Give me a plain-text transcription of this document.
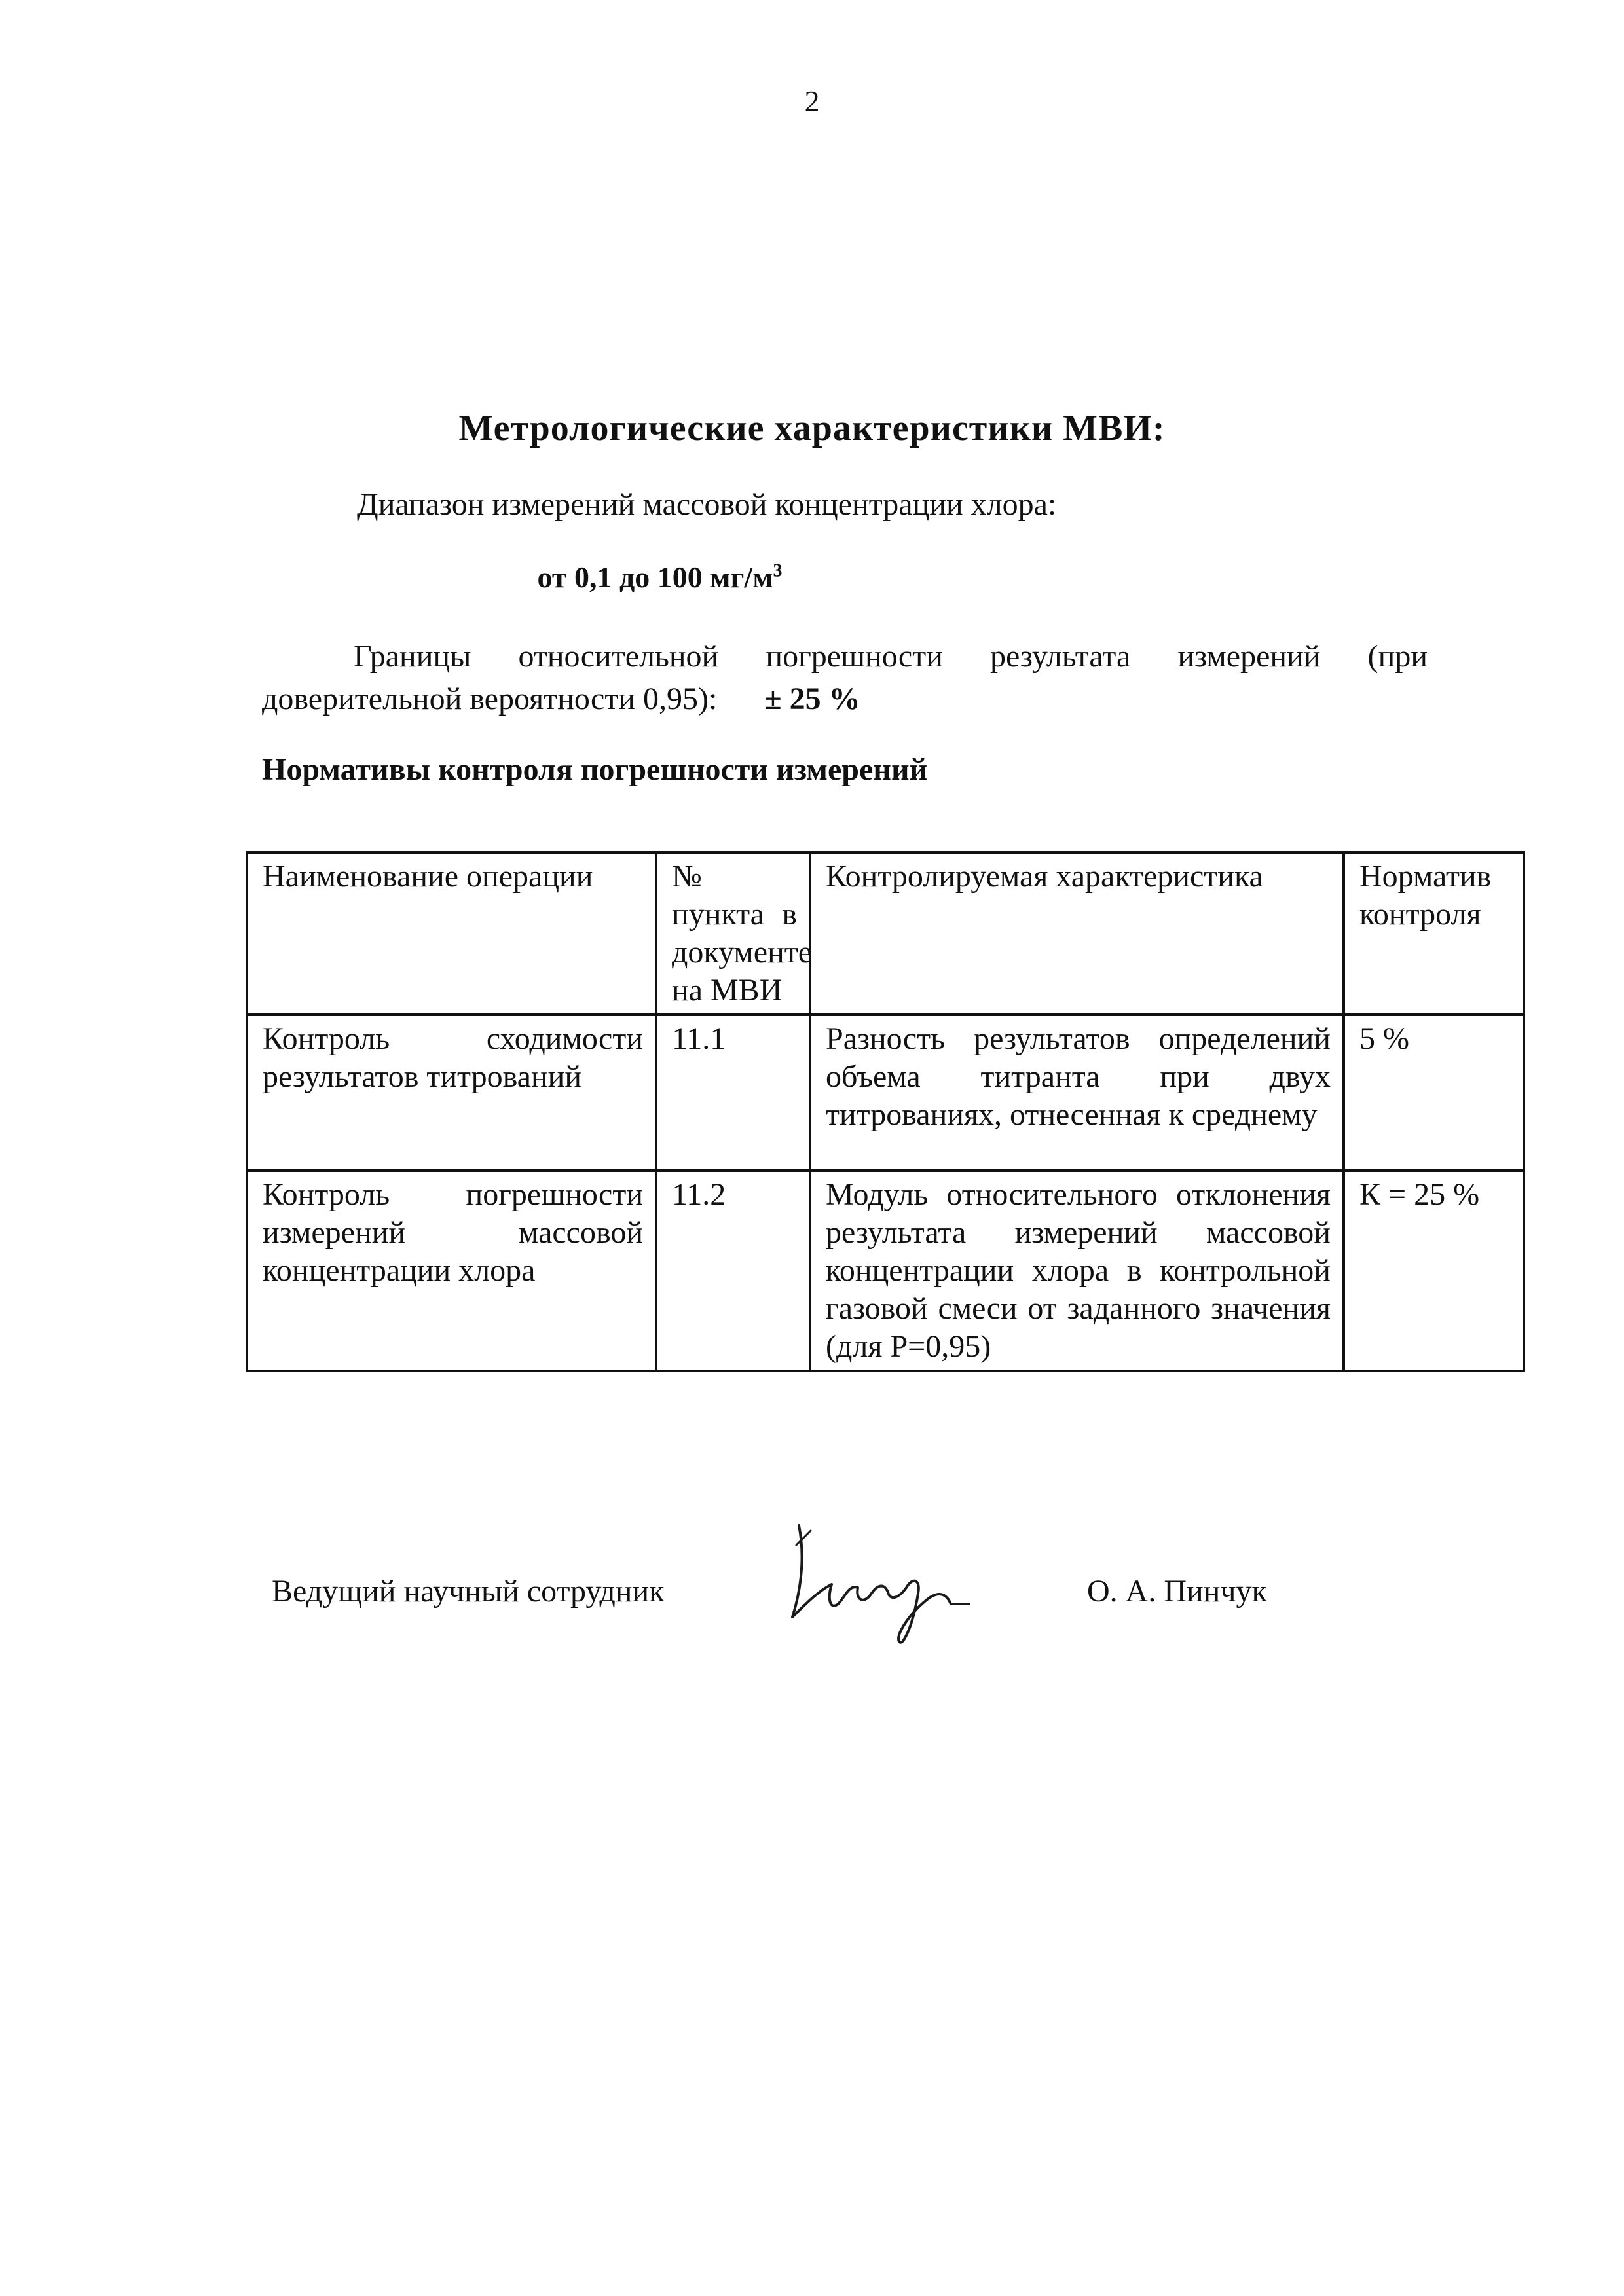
2
Метрологические характеристики МВИ:
Диапазон измерений массовой концентрации хлора:
от 0,1 до 100 $мг/м^3$
Границы относительной погрешности результата измерений (при
доверительной вероятности 0,95): ± 25 %
Нормативы контроля погрешности измерений
Наименование операции	№ пункта в документе на МВИ	Контролируемая характеристика	Норматив контроля
Контроль сходимости результатов титрований	11.1	Разность результатов определений объема титранта при двух титрованиях, отнесенная к среднему	5 %
Контроль погрешности измерений массовой концентрации хлора	11.2	Модуль относительного отклонения результата измерений массовой концентрации хлора в контрольной газовой смеси от заданного значения (для Р=0,95)	К = 25 %
Ведущий научный сотрудник	О. А. Пинчук
